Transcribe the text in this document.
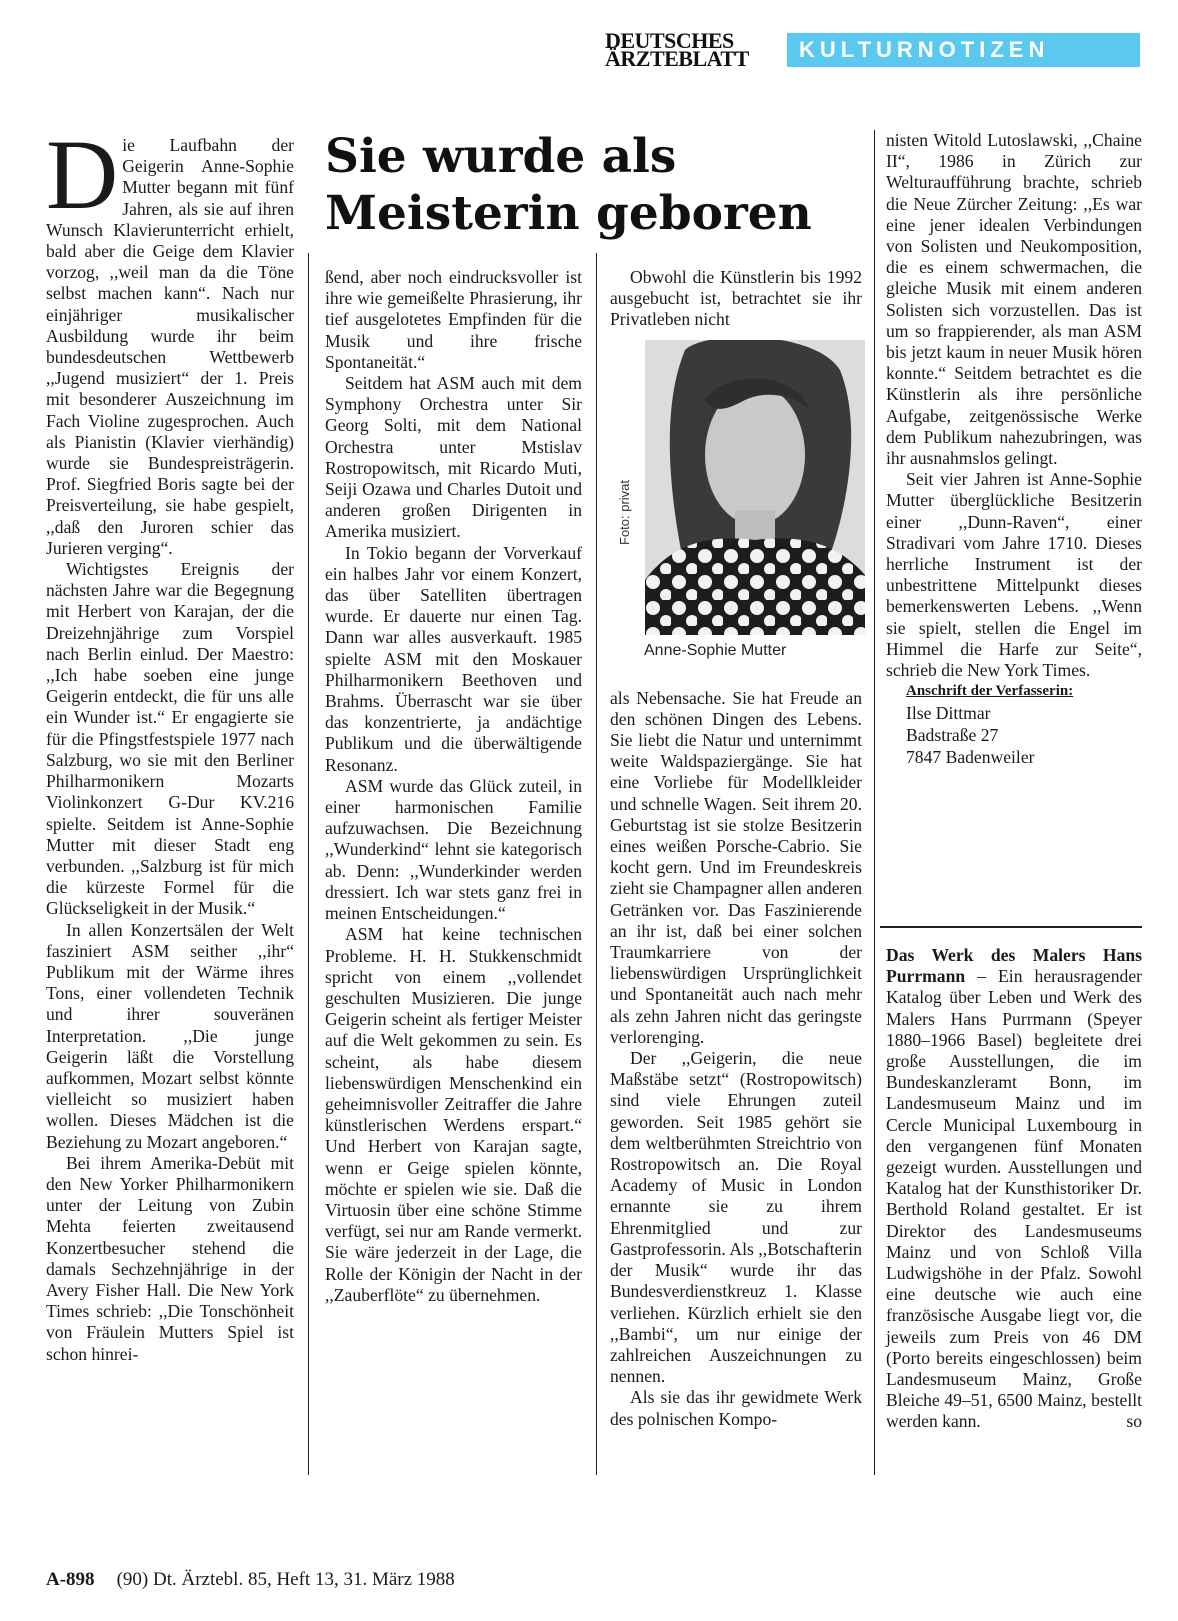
DEUTSCHES
ÄRZTEBLATT	KULTURNOTIZEN
Sie wurde als Meisterin geboren

Die Laufbahn der Geigerin Anne-Sophie Mutter begann mit fünf Jahren, als sie auf ihren Wunsch Klavierunterricht erhielt, bald aber die Geige dem Klavier vorzog, ,,weil man da die Töne selbst machen kann“. Nach nur einjähriger musikalischer Ausbildung wurde ihr beim bundesdeutschen Wettbewerb ,,Jugend musiziert“ der 1. Preis mit besonderer Auszeichnung im Fach Violine zugesprochen. Auch als Pianistin (Klavier vierhändig) wurde sie Bundespreisträgerin. Prof. Siegfried Boris sagte bei der Preisverteilung, sie habe gespielt, ,,daß den Juroren schier das Jurieren verging“.

Wichtigstes Ereignis der nächsten Jahre war die Begegnung mit Herbert von Karajan, der die Dreizehnjährige zum Vorspiel nach Berlin einlud. Der Maestro: ,,Ich habe soeben eine junge Geigerin entdeckt, die für uns alle ein Wunder ist.“ Er engagierte sie für die Pfingstfestspiele 1977 nach Salzburg, wo sie mit den Berliner Philharmonikern Mozarts Violinkonzert G-Dur KV.216 spielte. Seitdem ist Anne-Sophie Mutter mit dieser Stadt eng verbunden. ,,Salzburg ist für mich die kürzeste Formel für die Glückseligkeit in der Musik.“

In allen Konzertsälen der Welt fasziniert ASM seither ,,ihr“ Publikum mit der Wärme ihres Tons, einer vollendeten Technik und ihrer souveränen Interpretation. ,,Die junge Geigerin läßt die Vorstellung aufkommen, Mozart selbst könnte vielleicht so musiziert haben wollen. Dieses Mädchen ist die Beziehung zu Mozart angeboren.“

Bei ihrem Amerika-Debüt mit den New Yorker Philharmonikern unter der Leitung von Zubin Mehta feierten zweitausend Konzertbesucher stehend die damals Sechzehnjährige in der Avery Fisher Hall. Die New York Times schrieb: ,,Die Tonschönheit von Fräulein Mutters Spiel ist schon hinrei-

ßend, aber noch eindrucksvoller ist ihre wie gemeißelte Phrasierung, ihr tief ausgelotetes Empfinden für die Musik und ihre frische Spontaneität.“

Seitdem hat ASM auch mit dem Symphony Orchestra unter Sir Georg Solti, mit dem National Orchestra unter Mstislav Rostropowitsch, mit Ricardo Muti, Seiji Ozawa und Charles Dutoit und anderen großen Dirigenten in Amerika musiziert.

In Tokio begann der Vorverkauf ein halbes Jahr vor einem Konzert, das über Satelliten übertragen wurde. Er dauerte nur einen Tag. Dann war alles ausverkauft. 1985 spielte ASM mit den Moskauer Philharmonikern Beethoven und Brahms. Überrascht war sie über das konzentrierte, ja andächtige Publikum und die überwältigende Resonanz.

ASM wurde das Glück zuteil, in einer harmonischen Familie aufzuwachsen. Die Bezeichnung ,,Wunderkind“ lehnt sie kategorisch ab. Denn: ,,Wunderkinder werden dressiert. Ich war stets ganz frei in meinen Entscheidungen.“

ASM hat keine technischen Probleme. H. H. Stukkenschmidt spricht von einem ,,vollendet geschulten Musizieren. Die junge Geigerin scheint als fertiger Meister auf die Welt gekommen zu sein. Es scheint, als habe diesem liebenswürdigen Menschenkind ein geheimnisvoller Zeitraffer die Jahre künstlerischen Werdens erspart.“ Und Herbert von Karajan sagte, wenn er Geige spielen könnte, möchte er spielen wie sie. Daß die Virtuosin über eine schöne Stimme verfügt, sei nur am Rande vermerkt. Sie wäre jederzeit in der Lage, die Rolle der Königin der Nacht in der ,,Zauberflöte“ zu übernehmen.

Obwohl die Künstlerin bis 1992 ausgebucht ist, betrachtet sie ihr Privatleben nicht

als Nebensache. Sie hat Freude an den schönen Dingen des Lebens. Sie liebt die Natur und unternimmt weite Waldspaziergänge. Sie hat eine Vorliebe für Modellkleider und schnelle Wagen. Seit ihrem 20. Geburtstag ist sie stolze Besitzerin eines weißen Porsche-Cabrio. Sie kocht gern. Und im Freundeskreis zieht sie Champagner allen anderen Getränken vor. Das Faszinierende an ihr ist, daß bei einer solchen Traumkarriere von der liebenswürdigen Ursprünglichkeit und Spontaneität auch nach mehr als zehn Jahren nicht das geringste verlorenging.

Der ,,Geigerin, die neue Maßstäbe setzt“ (Rostropowitsch) sind viele Ehrungen zuteil geworden. Seit 1985 gehört sie dem weltberühmten Streichtrio von Rostropowitsch an. Die Royal Academy of Music in London ernannte sie zu ihrem Ehrenmitglied und zur Gastprofessorin. Als ,,Botschafterin der Musik“ wurde ihr das Bundesverdienstkreuz 1. Klasse verliehen. Kürzlich erhielt sie den ,,Bambi“, um nur einige der zahlreichen Auszeichnungen zu nennen.

Als sie das ihr gewidmete Werk des polnischen Kompo-

Foto: privat
Anne-Sophie Mutter

nisten Witold Lutoslawski, ,,Chaine II“, 1986 in Zürich zur Welturaufführung brachte, schrieb die Neue Zürcher Zeitung: ,,Es war eine jener idealen Verbindungen von Solisten und Neukomposition, die es einem schwermachen, die gleiche Musik mit einem anderen Solisten sich vorzustellen. Das ist um so frappierender, als man ASM bis jetzt kaum in neuer Musik hören konnte.“ Seitdem betrachtet es die Künstlerin als ihre persönliche Aufgabe, zeitgenössische Werke dem Publikum nahezubringen, was ihr ausnahmslos gelingt.

Seit vier Jahren ist Anne-Sophie Mutter überglückliche Besitzerin einer ,,Dunn-Raven“, einer Stradivari vom Jahre 1710. Dieses herrliche Instrument ist der unbestrittene Mittelpunkt dieses bemerkenswerten Lebens. ,,Wenn sie spielt, stellen die Engel im Himmel die Harfe zur Seite“, schrieb die New York Times.

Anschrift der Verfasserin:

Ilse Dittmar

Badstraße 27

7847 Badenweiler

Das Werk des Malers Hans Purrmann – Ein herausragender Katalog über Leben und Werk des Malers Hans Purrmann (Speyer 1880–1966 Basel) begleitete drei große Ausstellungen, die im Bundeskanzleramt Bonn, im Landesmuseum Mainz und im Cercle Municipal Luxembourg in den vergangenen fünf Monaten gezeigt wurden. Ausstellungen und Katalog hat der Kunsthistoriker Dr. Berthold Roland gestaltet. Er ist Direktor des Landesmuseums Mainz und von Schloß Villa Ludwigshöhe in der Pfalz. Sowohl eine deutsche wie auch eine französische Ausgabe liegt vor, die jeweils zum Preis von 46 DM (Porto bereits eingeschlossen) beim Landesmuseum Mainz, Große Bleiche 49–51, 6500 Mainz, bestellt werden kann.	so

A-898 (90) Dt. Ärztebl. 85, Heft 13, 31. März 1988
